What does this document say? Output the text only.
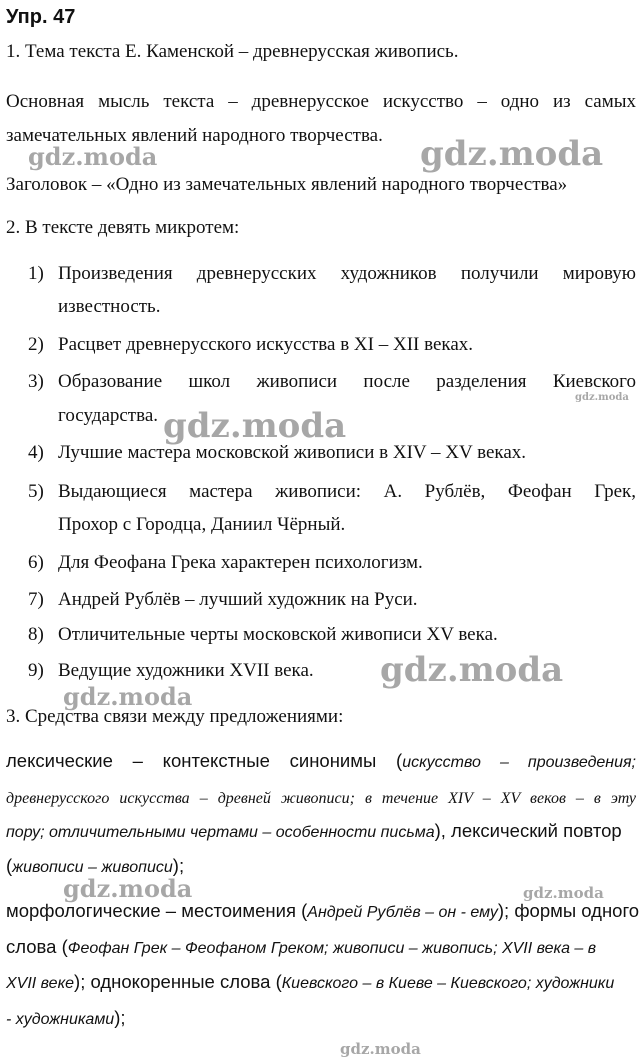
Упр. 47
1. Тема текста Е. Каменской – древнерусская живопись.
Основная мысль текста – древнерусское искусство – одно из самых
замечательных явлений народного творчества.
Заголовок – «Одно из замечательных явлений народного творчества»
2. В тексте девять микротем:
1) Произведения древнерусских художников получили мировую
известность.
2) Расцвет древнерусского искусства в XI – XII веках.
3) Образование школ живописи после разделения Киевского
государства.
4) Лучшие мастера московской живописи в XIV – XV веках.
5) Выдающиеся мастера живописи: А. Рублёв, Феофан Грек,
Прохор с Городца, Даниил Чёрный.
6) Для Феофана Грека характерен психологизм.
7) Андрей Рублёв – лучший художник на Руси.
8) Отличительные черты московской живописи XV века.
9) Ведущие художники XVII века.
3. Средства связи между предложениями:
лексические – контекстные синонимы (искусство – произведения;
древнерусского искусства – древней живописи; в течение XIV – XV веков – в эту
пору; отличительными чертами – особенности письма), лексический повтор
(живописи – живописи);
морфологические – местоимения (Андрей Рублёв – он - ему); формы одного
слова (Феофан Грек – Феофаном Греком; живописи – живопись; XVII века – в
XVII веке); однокоренные слова (Киевского – в Киеве – Киевского; художники
- художниками);
gdz.moda	gdz.moda
gdz.moda
gdz.moda
gdz.moda
gdz.moda
gdz.moda	gdz.moda
gdz.moda
